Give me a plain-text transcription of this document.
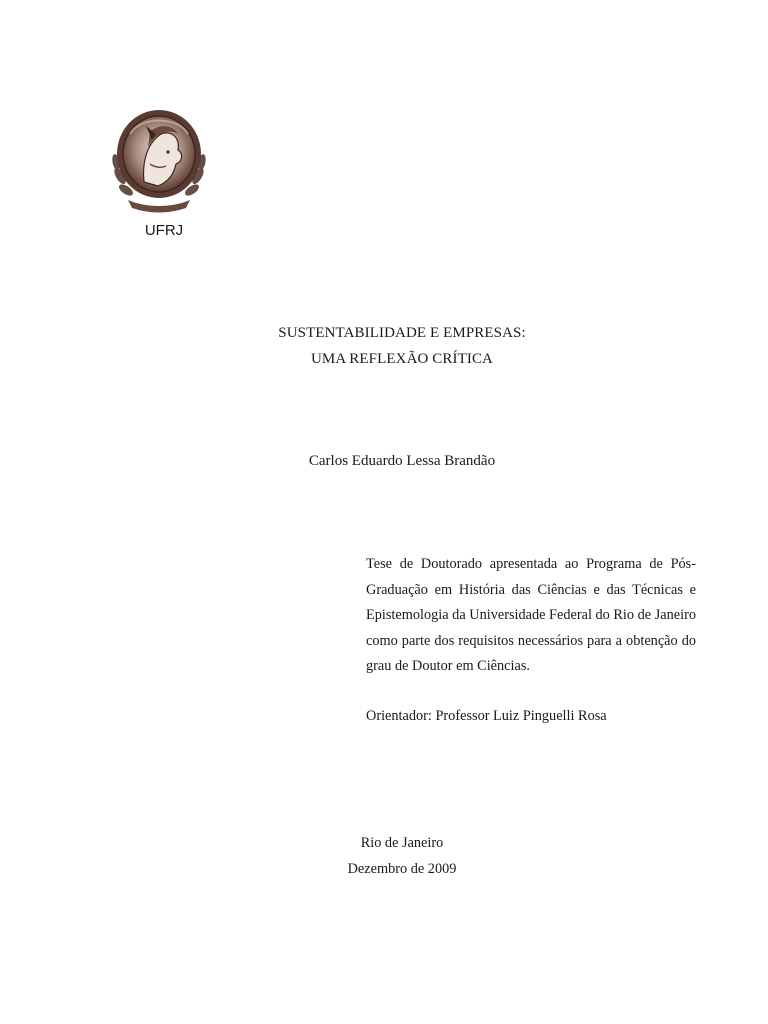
UFRJ
SUSTENTABILIDADE E EMPRESAS:
UMA REFLEXÃO CRÍTICA
Carlos Eduardo Lessa Brandão
Tese de Doutorado apresentada ao Programa de Pós-Graduação em História das Ciências e das Técnicas e Epistemologia da Universidade Federal do Rio de Janeiro como parte dos requisitos necessários para a obtenção do grau de Doutor em Ciências.
Orientador: Professor Luiz Pinguelli Rosa
Rio de Janeiro
Dezembro de 2009
